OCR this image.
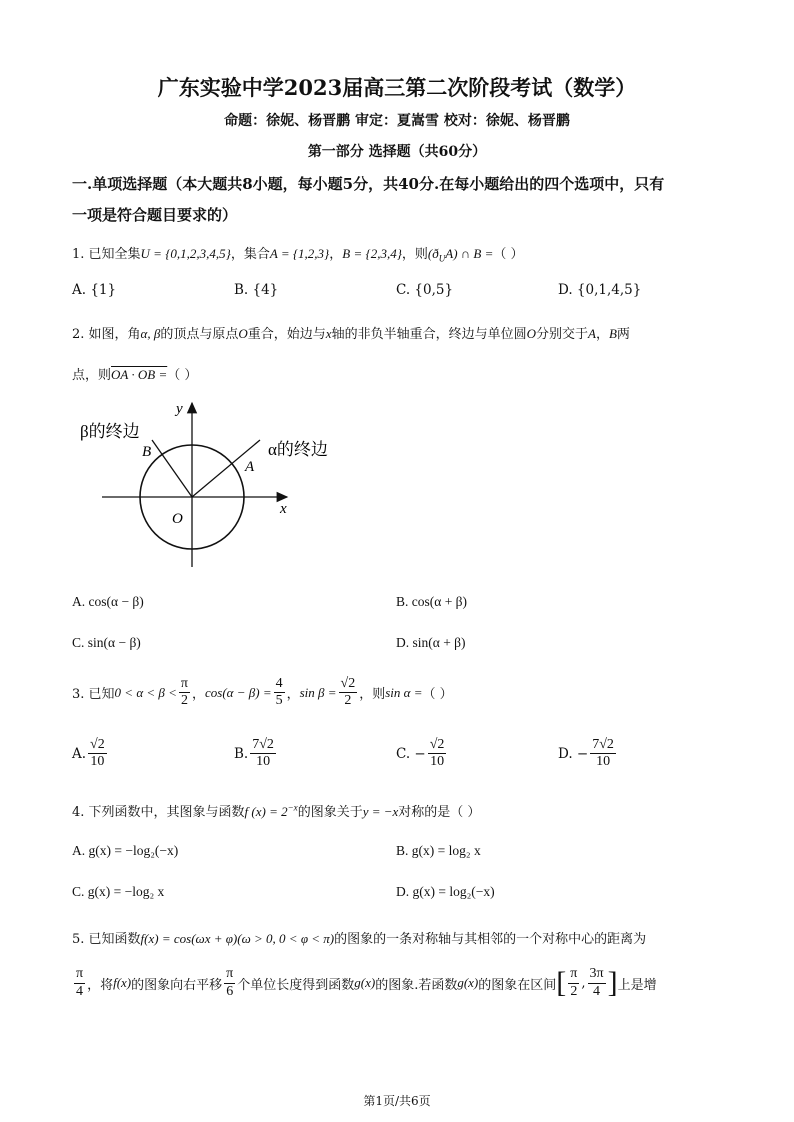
广东实验中学2023届高三第二次阶段考试（数学）
命题：徐妮、杨晋鹏 审定：夏嵩雪 校对：徐妮、杨晋鹏
第一部分 选择题（共60分）
一.单项选择题（本大题共8小题，每小题5分，共40分.在每小题给出的四个选项中，只有
一项是符合题目要求的）
1. 已知全集U = {0,1,2,3,4,5}，集合A = {1,2,3}，B = {2,3,4}，则$(ð_UA)$ ∩ B =（ ）
A. {1}	B. {4}	C. {0,5}	D. {0,1,4,5}
2. 如图，角α, β的顶点与原点O重合，始边与x轴的非负半轴重合，终边与单位圆O分别交于A，B两
点，则OA · OB =（ ）
y
x
O
A
B
β的终边
α的终边
A. cos(α − β)	B. cos(α + β)
C. sin(α − β)	D. sin(α + β)
3. 已知 $0 < \alpha < \beta < \frac{\pi}{2}$ ， $\cos(\alpha - \beta) = \frac{4}{5}$ ， $\sin \beta = \frac{√2}{2}$ ，则 sin α = （ ）
A. $\frac{√2}{10}$	B. $\frac{7√2}{10}$	C. − $\frac{√2}{10}$	D. − $\frac{7√2}{10}$
4. 下列函数中，其图象与函数f $(x) = 2^{-x}$的图象关于y = −x对称的是（ ）
A. g(x) = −log₂(−x)	B. g(x) = log₂ x
C. g(x) = −log₂ x	D. g(x) = log₂(−x)
5. 已知函数f(x) = cos(ωx + φ)(ω > 0, 0 < φ < π)的图象的一条对称轴与其相邻的一个对称中心的距离为
$\frac{\pi}{4}$ ，将 f(x) 的图象向右平移 $\frac{\pi}{6}$ 个单位长度得到函数 g(x) 的图象.若函数 g(x) 的图象在区间 [ $\frac{\pi}{2}$ , $\frac{3\pi}{4}$ ] 上是增
第1页/共6页
